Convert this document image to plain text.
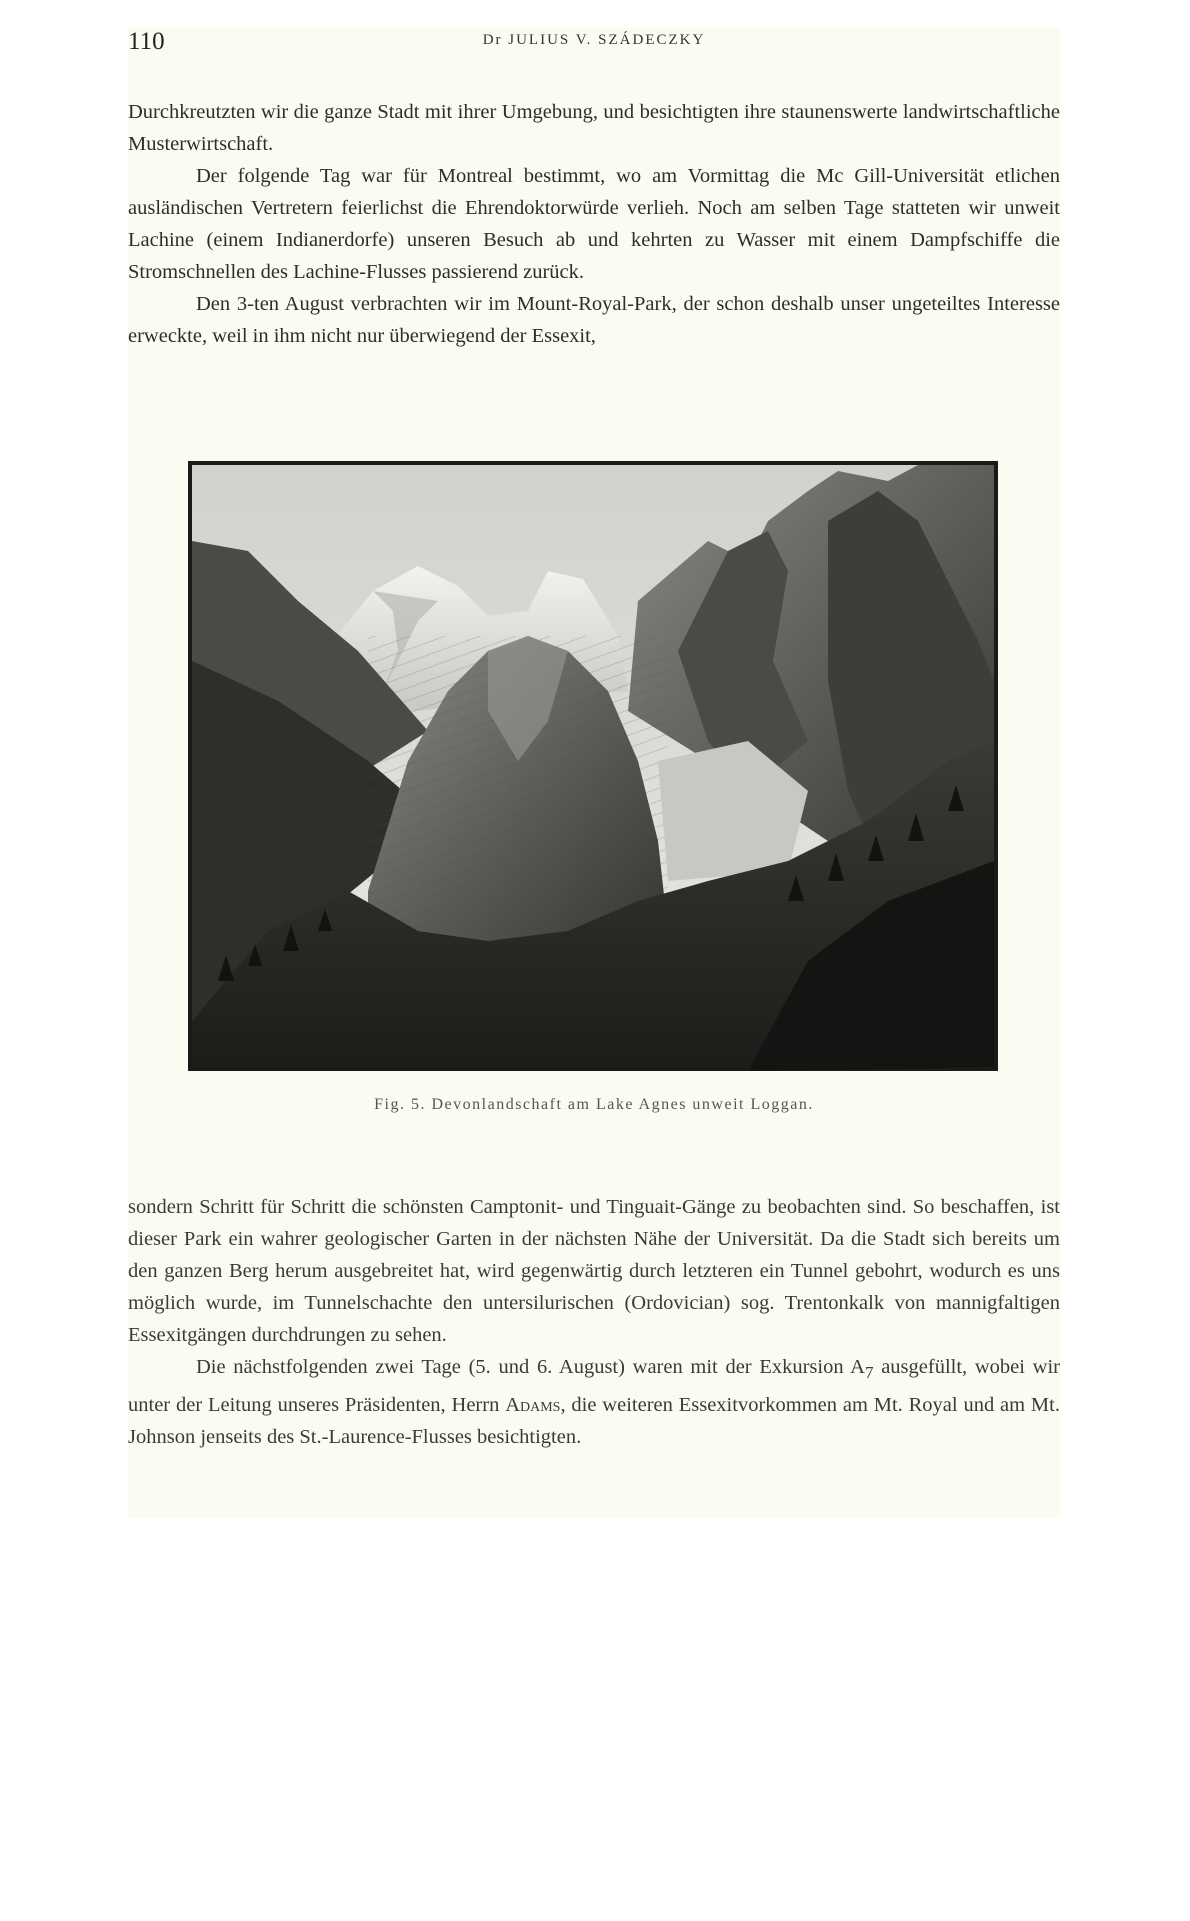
110	Dr JULIUS V. SZÁDECZKY

Durchkreutzten wir die ganze Stadt mit ihrer Umgebung, und besichtigten ihre staunenswerte landwirtschaftliche Musterwirtschaft.

Der folgende Tag war für Montreal bestimmt, wo am Vormittag die Mc Gill-Universität etlichen ausländischen Vertretern feierlichst die Ehrendoktorwürde verlieh. Noch am selben Tage statteten wir unweit Lachine (einem Indianerdorfe) unseren Besuch ab und kehrten zu Wasser mit einem Dampfschiffe die Stromschnellen des Lachine-Flusses passierend zurück.

Den 3-ten August verbrachten wir im Mount-Royal-Park, der schon deshalb unser ungeteiltes Interesse erweckte, weil in ihm nicht nur überwiegend der Essexit,

Fig. 5. Devonlandschaft am Lake Agnes unweit Loggan.

sondern Schritt für Schritt die schönsten Camptonit- und Tinguait-Gänge zu beobachten sind. So beschaffen, ist dieser Park ein wahrer geologischer Garten in der nächsten Nähe der Universität. Da die Stadt sich bereits um den ganzen Berg herum ausgebreitet hat, wird gegenwärtig durch letzteren ein Tunnel gebohrt, wodurch es uns möglich wurde, im Tunnelschachte den untersilurischen (Ordovician) sog. Trentonkalk von mannigfaltigen Essexitgängen durchdrungen zu sehen.

Die nächstfolgenden zwei Tage (5. und 6. August) waren mit der Exkursion $A_7$ ausgefüllt, wobei wir unter der Leitung unseres Präsidenten, Herrn Adams, die weiteren Essexitvorkommen am Mt. Royal und am Mt. Johnson jenseits des St.-Laurence-Flusses besichtigten.
